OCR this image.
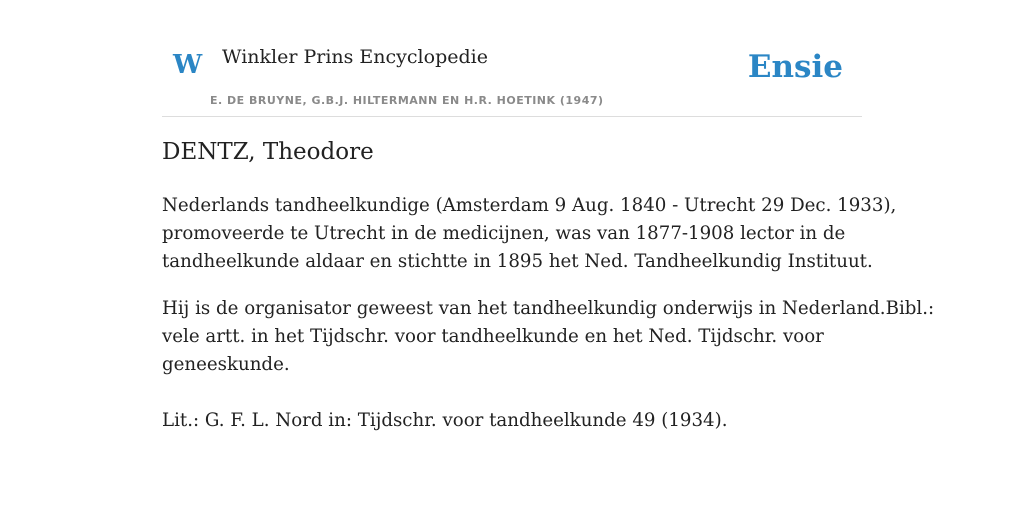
W Winkler Prins Encyclopedie
E. DE BRUYNE, G.B.J. HILTERMANN EN H.R. HOETINK (1947)
Ensie
DENTZ, Theodore

Nederlands tandheelkundige (Amsterdam 9 Aug. 1840 - Utrecht 29 Dec. 1933),
promoveerde te Utrecht in de medicijnen, was van 1877-1908 lector in de
tandheelkunde aldaar en stichtte in 1895 het Ned. Tandheelkundig Instituut.

Hij is de organisator geweest van het tandheelkundig onderwijs in Nederland.Bibl.:
vele artt. in het Tijdschr. voor tandheelkunde en het Ned. Tijdschr. voor
geneeskunde.

Lit.: G. F. L. Nord in: Tijdschr. voor tandheelkunde 49 (1934).
